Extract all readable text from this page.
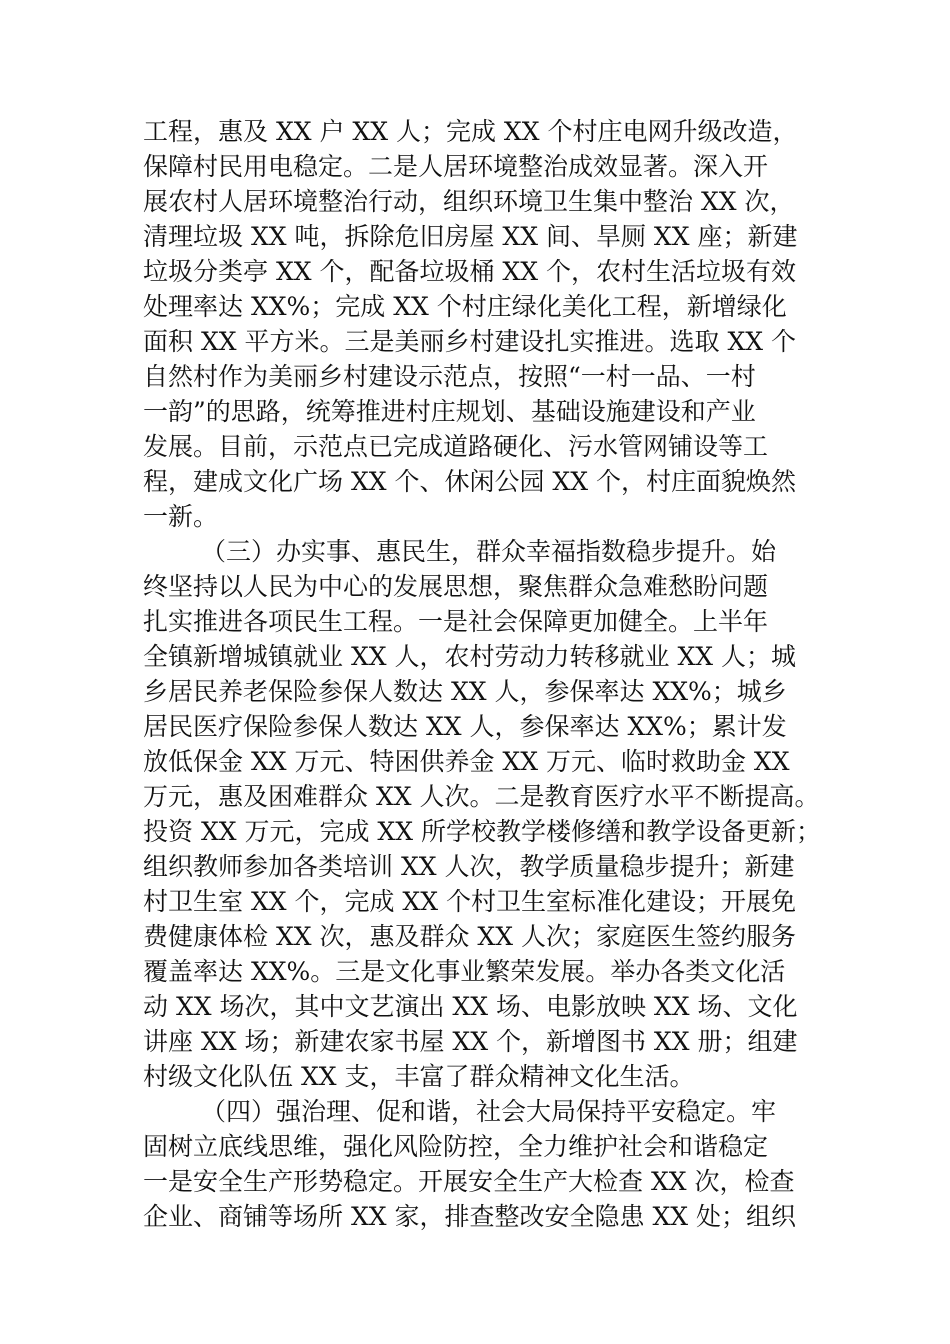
工程，惠及 XX 户 XX 人；完成 XX 个村庄电网升级改造，
保障村民用电稳定。二是人居环境整治成效显著。深入开
展农村人居环境整治行动，组织环境卫生集中整治 XX 次，
清理垃圾 XX 吨，拆除危旧房屋 XX 间、旱厕 XX 座；新建
垃圾分类亭 XX 个，配备垃圾桶 XX 个，农村生活垃圾有效
处理率达 XX%；完成 XX 个村庄绿化美化工程，新增绿化
面积 XX 平方米。三是美丽乡村建设扎实推进。选取 XX 个
自然村作为美丽乡村建设示范点，按照“一村一品、一村
一韵”的思路，统筹推进村庄规划、基础设施建设和产业
发展。目前，示范点已完成道路硬化、污水管网铺设等工
程，建成文化广场 XX 个、休闲公园 XX 个，村庄面貌焕然
一新。
（三）办实事、惠民生，群众幸福指数稳步提升。始
终坚持以人民为中心的发展思想，聚焦群众急难愁盼问题
扎实推进各项民生工程。一是社会保障更加健全。上半年
全镇新增城镇就业 XX 人，农村劳动力转移就业 XX 人；城
乡居民养老保险参保人数达 XX 人，参保率达 XX%；城乡
居民医疗保险参保人数达 XX 人，参保率达 XX%；累计发
放低保金 XX 万元、特困供养金 XX 万元、临时救助金 XX
万元，惠及困难群众 XX 人次。二是教育医疗水平不断提高。
投资 XX 万元，完成 XX 所学校教学楼修缮和教学设备更新；
组织教师参加各类培训 XX 人次，教学质量稳步提升；新建
村卫生室 XX 个，完成 XX 个村卫生室标准化建设；开展免
费健康体检 XX 次，惠及群众 XX 人次；家庭医生签约服务
覆盖率达 XX%。三是文化事业繁荣发展。举办各类文化活
动 XX 场次，其中文艺演出 XX 场、电影放映 XX 场、文化
讲座 XX 场；新建农家书屋 XX 个，新增图书 XX 册；组建
村级文化队伍 XX 支，丰富了群众精神文化生活。
（四）强治理、促和谐，社会大局保持平安稳定。牢
固树立底线思维，强化风险防控，全力维护社会和谐稳定
一是安全生产形势稳定。开展安全生产大检查 XX 次，检查
企业、商铺等场所 XX 家，排查整改安全隐患 XX 处；组织
